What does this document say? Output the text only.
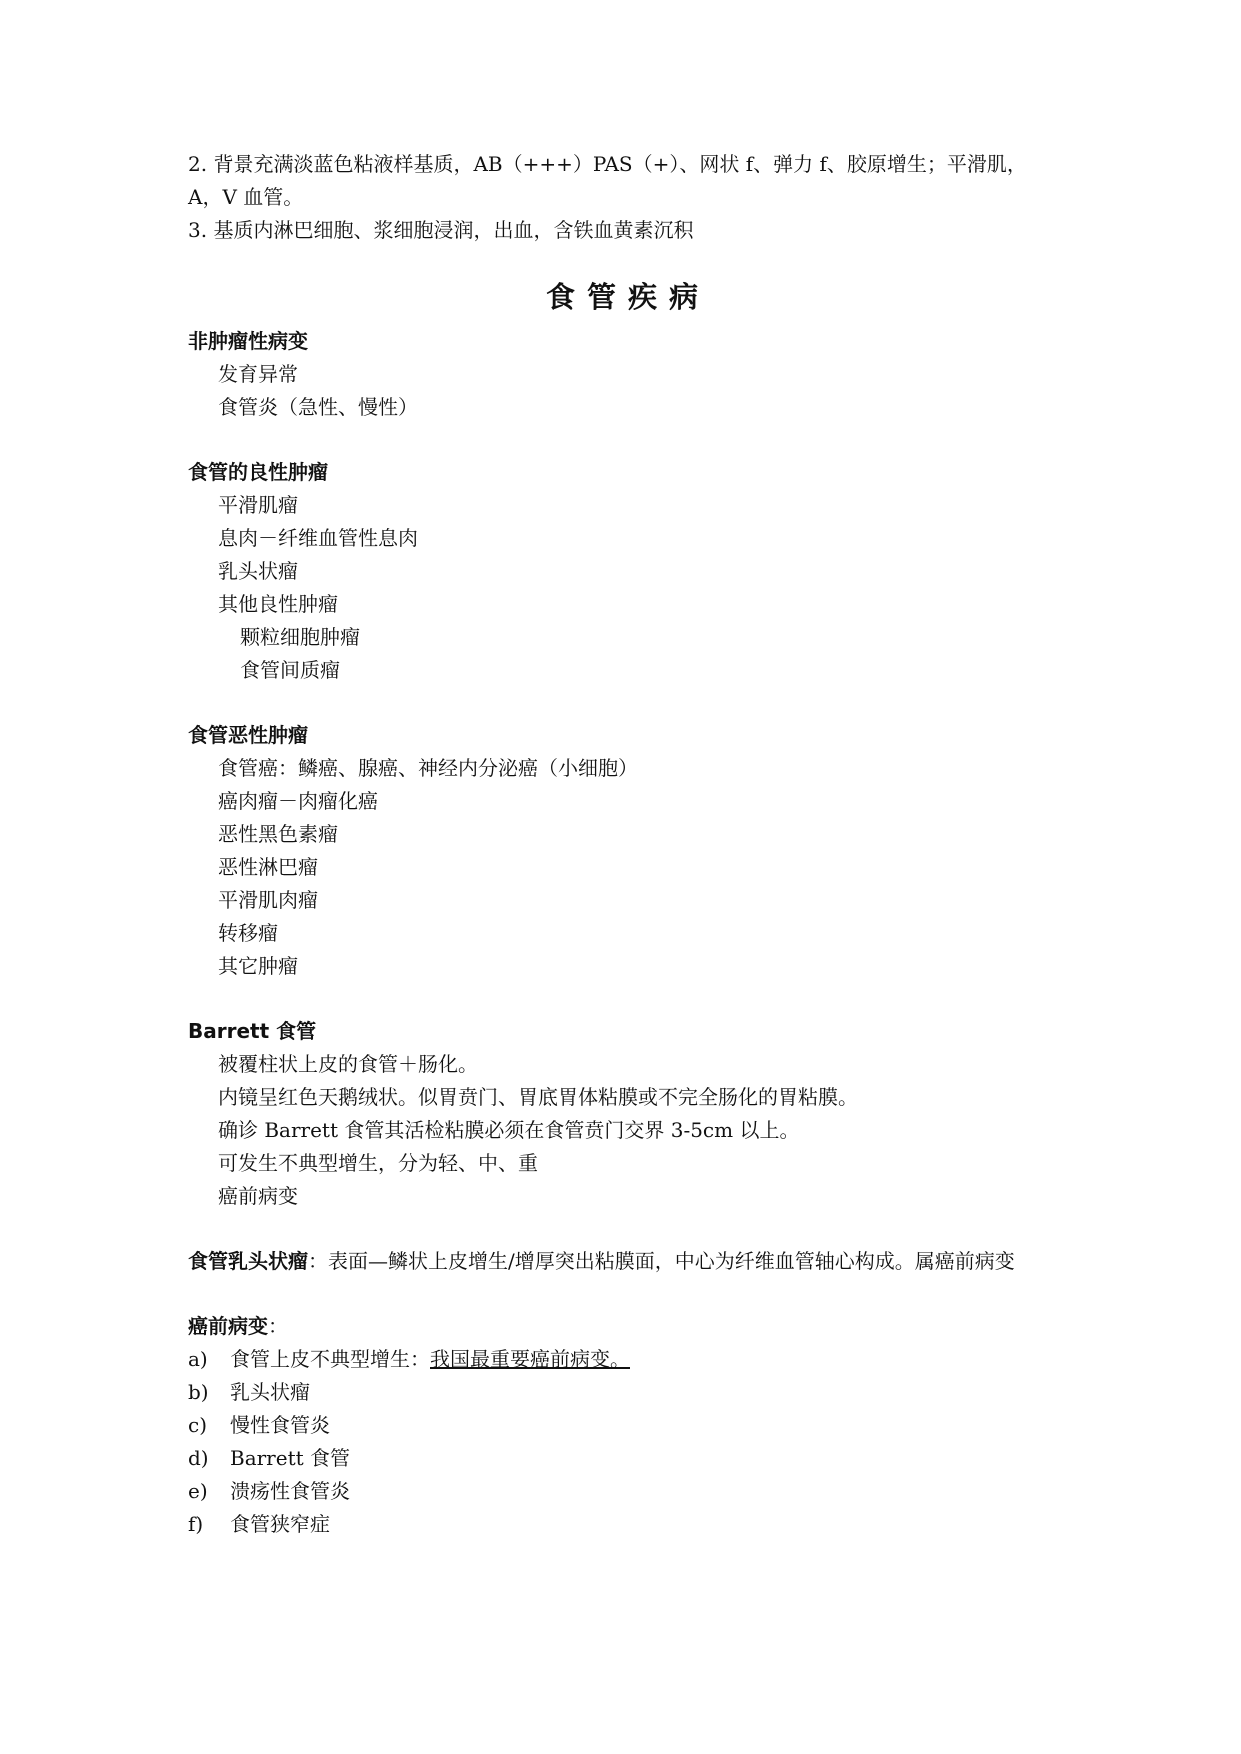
2. 背景充满淡蓝色粘液样基质，AB（+++）PAS（+）、网状 f、弹力 f、胶原增生；平滑肌，
A，V 血管。
3. 基质内淋巴细胞、浆细胞浸润，出血，含铁血黄素沉积
食管疾病
非肿瘤性病变
发育异常
食管炎（急性、慢性）
食管的良性肿瘤
平滑肌瘤
息肉－纤维血管性息肉
乳头状瘤
其他良性肿瘤
颗粒细胞肿瘤
食管间质瘤
食管恶性肿瘤
食管癌：鳞癌、腺癌、神经内分泌癌（小细胞）
癌肉瘤－肉瘤化癌
恶性黑色素瘤
恶性淋巴瘤
平滑肌肉瘤
转移瘤
其它肿瘤
Barrett 食管
被覆柱状上皮的食管＋肠化。
内镜呈红色天鹅绒状。似胃贲门、胃底胃体粘膜或不完全肠化的胃粘膜。
确诊 Barrett 食管其活检粘膜必须在食管贲门交界 3-5cm 以上。
可发生不典型增生，分为轻、中、重
癌前病变
食管乳头状瘤：表面—鳞状上皮增生/增厚突出粘膜面，中心为纤维血管轴心构成。属癌前病变
癌前病变：
a)	食管上皮不典型增生：我国最重要癌前病变。
b)	乳头状瘤
c)	慢性食管炎
d)	Barrett 食管
e)	溃疡性食管炎
f)	食管狭窄症
